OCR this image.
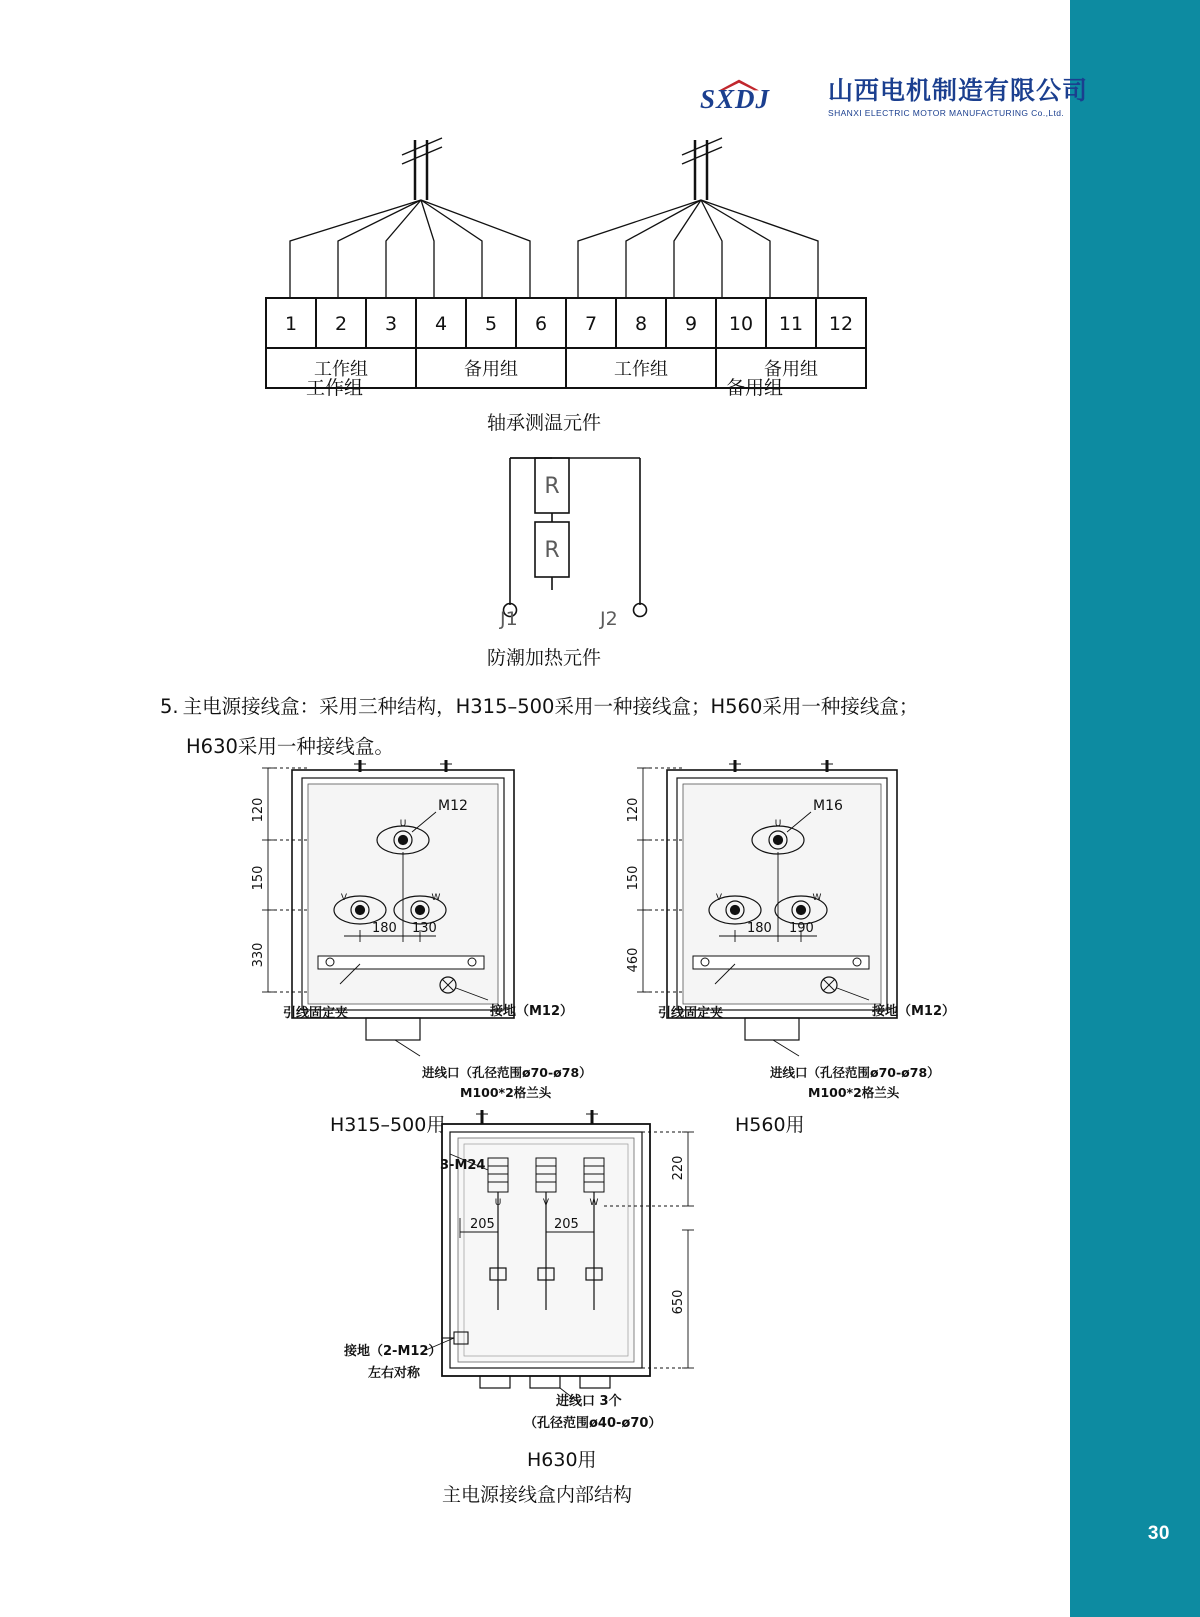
30
SXDJ 山西电机制造有限公司
SHANXI ELECTRIC MOTOR MANUFACTURING Co.,Ltd.
1 2 3 4 5 6 7 8 9 10 11 12
工作组	备用组	工作组	备用组
工作组	备用组
轴承测温元件
R
R
J1	J2
防潮加热元件
5. 主电源接线盒：采用三种结构，H315–500采用一种接线盒；H560采用一种接线盒；
H630采用一种接线盒。
120
150
330
U
V	W
M12
180 130
引线固定夹	接地（M12）
进线口（孔径范围ø70-ø78）
M100*2格兰头
H315–500用
120
150
460
U
V	W
M16
180 190
引线固定夹	接地（M12）
进线口（孔径范围ø70-ø78）
M100*2格兰头
H560用
U	V	W
205	205
220
650
3-M24
接地（2-M12）
左右对称
进线口 3个
（孔径范围ø40-ø70）
H630用
主电源接线盒内部结构
